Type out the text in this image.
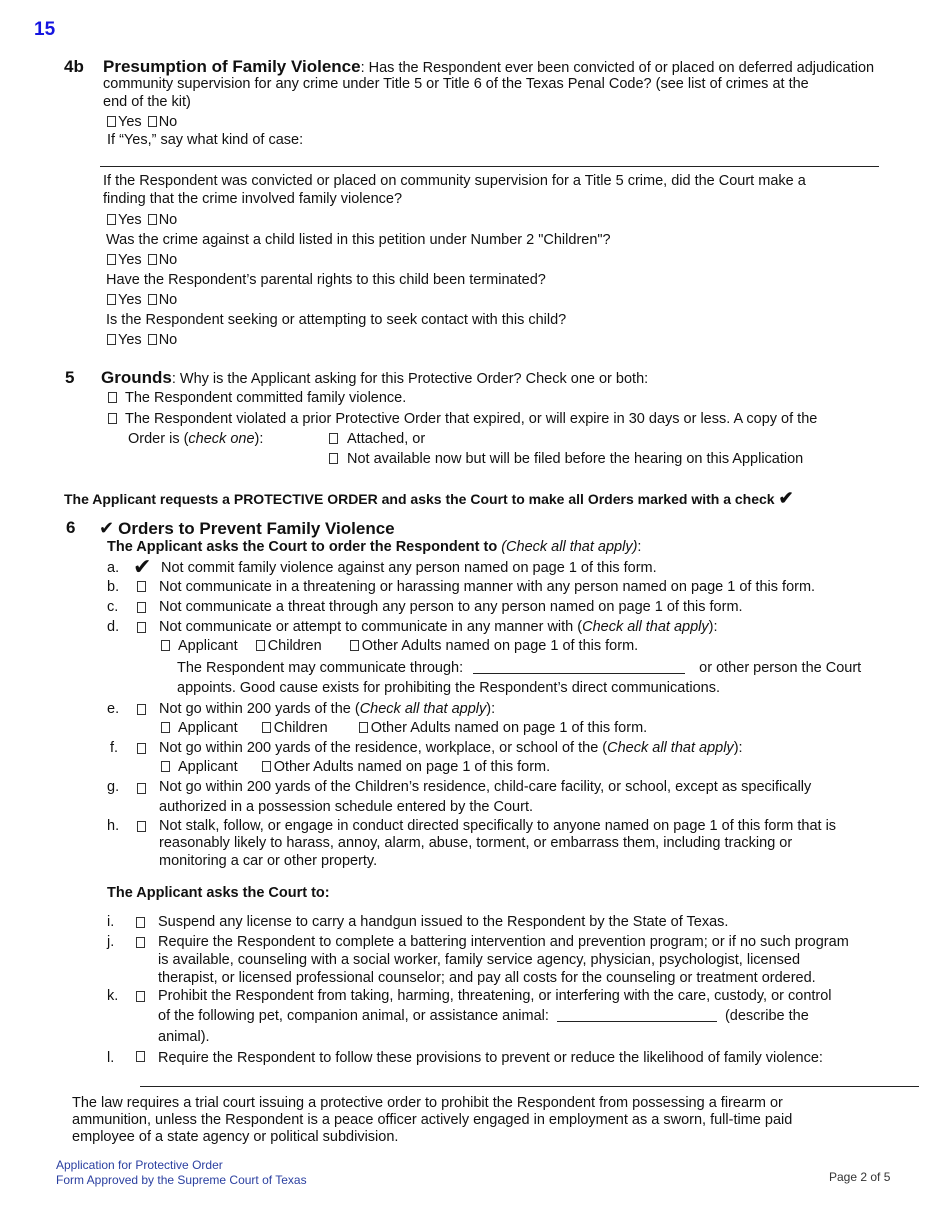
15
4b Presumption of Family Violence: Has the Respondent ever been convicted of or placed on deferred adjudication
community supervision for any crime under Title 5 or Title 6 of the Texas Penal Code? (see list of crimes at the
end of the kit)
Yes No
If “Yes,” say what kind of case:
If the Respondent was convicted or placed on community supervision for a Title 5 crime, did the Court make a
finding that the crime involved family violence?
Yes No
Was the crime against a child listed in this petition under Number 2 "Children"?
Yes No
Have the Respondent’s parental rights to this child been terminated?
Yes No
Is the Respondent seeking or attempting to seek contact with this child?
Yes No
5 Grounds: Why is the Applicant asking for this Protective Order? Check one or both:
The Respondent committed family violence.
The Respondent violated a prior Protective Order that expired, or will expire in 30 days or less. A copy of the
Order is (check one):	Attached, or
Not available now but will be filed before the hearing on this Application
The Applicant requests a PROTECTIVE ORDER and asks the Court to make all Orders marked with a check ✔
6 ✔ Orders to Prevent Family Violence
The Applicant asks the Court to order the Respondent to (Check all that apply):
a. ✔ Not commit family violence against any person named on page 1 of this form.
b.	Not communicate in a threatening or harassing manner with any person named on page 1 of this form.
c.	Not communicate a threat through any person to any person named on page 1 of this form.
d.	Not communicate or attempt to communicate in any manner with (Check all that apply):
Applicant Children	Other Adults named on page 1 of this form.
The Respondent may communicate through:	or other person the Court
appoints. Good cause exists for prohibiting the Respondent’s direct communications.
e.	Not go within 200 yards of the (Check all that apply):
Applicant Children	Other Adults named on page 1 of this form.
f.	Not go within 200 yards of the residence, workplace, or school of the (Check all that apply):
Applicant Other Adults named on page 1 of this form.
g.	Not go within 200 yards of the Children’s residence, child-care facility, or school, except as specifically
authorized in a possession schedule entered by the Court.
h.	Not stalk, follow, or engage in conduct directed specifically to anyone named on page 1 of this form that is
reasonably likely to harass, annoy, alarm, abuse, torment, or embarrass them, including tracking or
monitoring a car or other property.
The Applicant asks the Court to:
i.	Suspend any license to carry a handgun issued to the Respondent by the State of Texas.
j.	Require the Respondent to complete a battering intervention and prevention program; or if no such program
is available, counseling with a social worker, family service agency, physician, psychologist, licensed
therapist, or licensed professional counselor; and pay all costs for the counseling or treatment ordered.
k.	Prohibit the Respondent from taking, harming, threatening, or interfering with the care, custody, or control
of the following pet, companion animal, or assistance animal:	(describe the
animal).
l.	Require the Respondent to follow these provisions to prevent or reduce the likelihood of family violence:
The law requires a trial court issuing a protective order to prohibit the Respondent from possessing a firearm or
ammunition, unless the Respondent is a peace officer actively engaged in employment as a sworn, full-time paid
employee of a state agency or political subdivision.
Application for Protective Order
Form Approved by the Supreme Court of Texas	Page 2 of 5
